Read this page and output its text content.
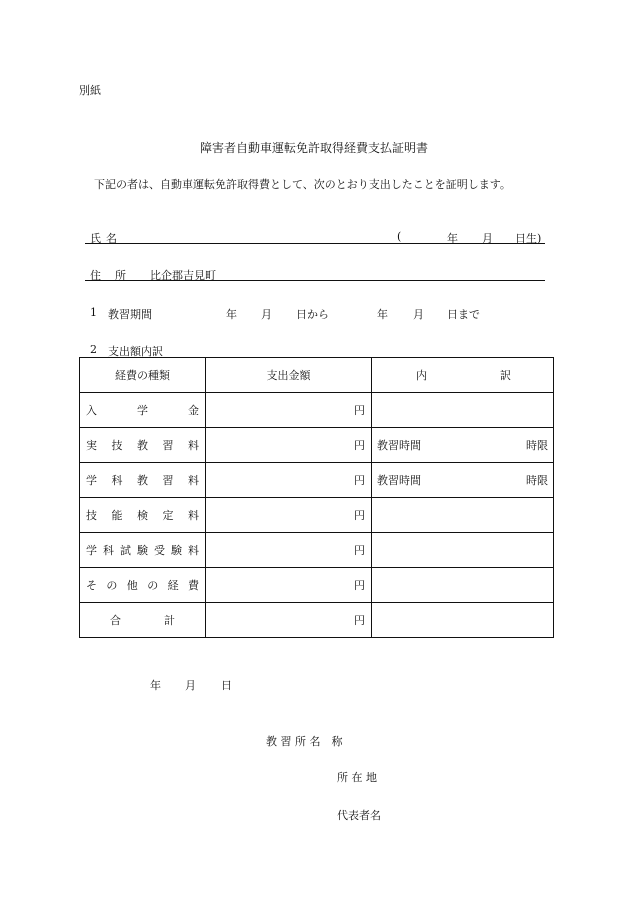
別紙
障害者自動車運転免許取得経費支払証明書
下記の者は、自動車運転免許取得費として、次のとおり支出したことを証明します。
氏 名	(	年 月 日生)
住 所 比企郡吉見町
1 教習期間	年 月 日から	年 月 日まで
2 支出額内訳
経費の種類	支出金額	内 訳

入学金	円	
実技教習料	円	教習時間 時限

学科教習料	円	教習時間 時限

技能検定料	円	
学科試験受験料	円	
その他の経費	円	
合計	円	
年 月 日
教 習 所 名　称
所 在 地
代表者名
